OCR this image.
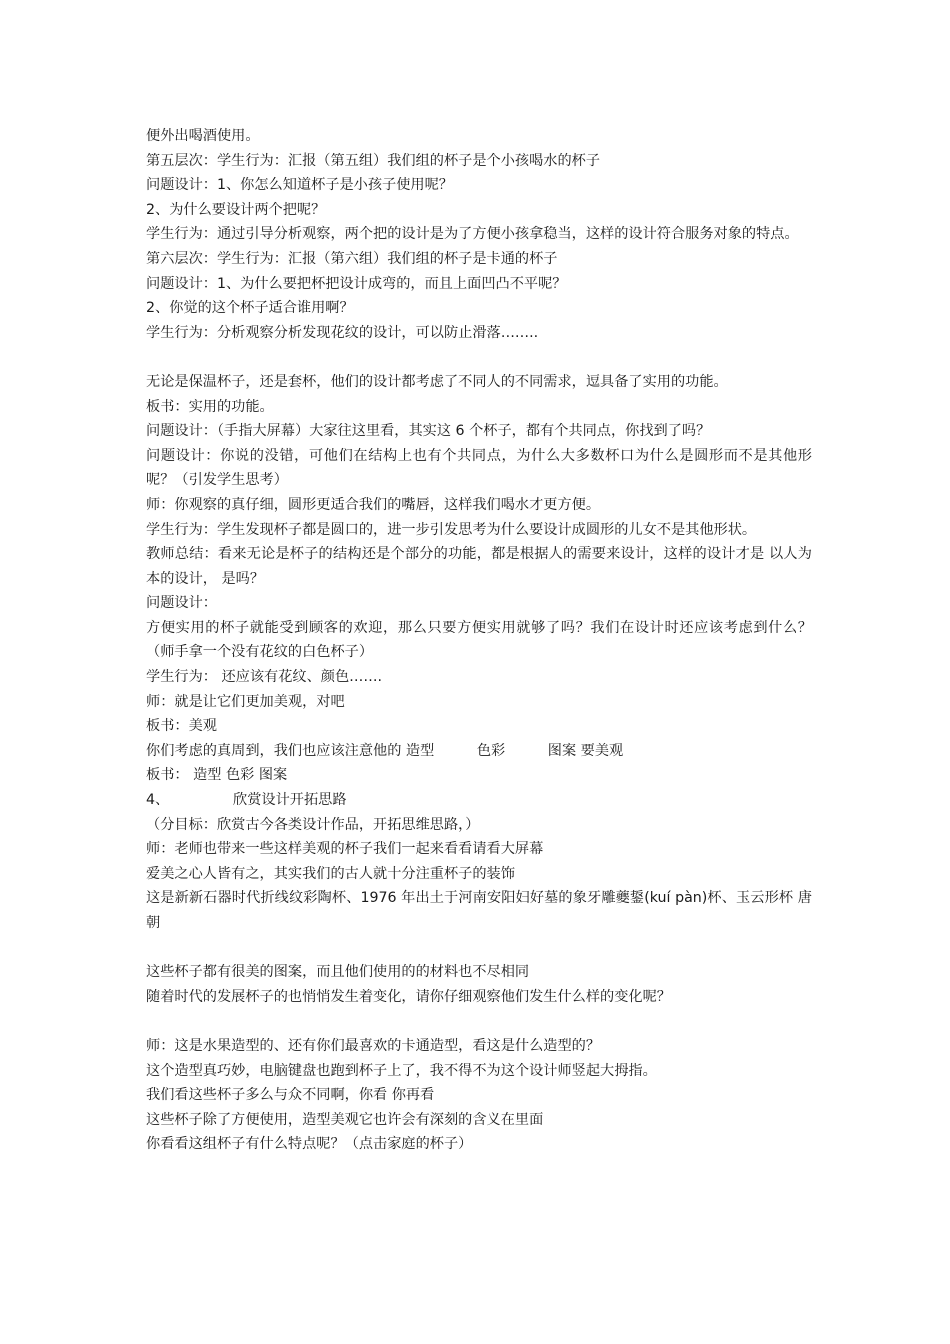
便外出喝酒使用。
第五层次：学生行为：汇报（第五组）我们组的杯子是个小孩喝水的杯子
问题设计：1、你怎么知道杯子是小孩子使用呢？
2、为什么要设计两个把呢？
学生行为：通过引导分析观察，两个把的设计是为了方便小孩拿稳当，这样的设计符合服务对象的特点。
第六层次：学生行为：汇报（第六组）我们组的杯子是卡通的杯子
问题设计：1、为什么要把杯把设计成弯的，而且上面凹凸不平呢？
2、你觉的这个杯子适合谁用啊？
学生行为：分析观察分析发现花纹的设计，可以防止滑落……..
无论是保温杯子，还是套杯，他们的设计都考虑了不同人的不同需求，逗具备了实用的功能。
板书：实用的功能。
问题设计：（手指大屏幕）大家往这里看，其实这 6 个杯子，都有个共同点，你找到了吗？
问题设计：你说的没错，可他们在结构上也有个共同点，为什么大多数杯口为什么是圆形而不是其他形呢？（引发学生思考）
师：你观察的真仔细，圆形更适合我们的嘴唇，这样我们喝水才更方便。
学生行为：学生发现杯子都是圆口的，进一步引发思考为什么要设计成圆形的儿女不是其他形状。
教师总结：看来无论是杯子的结构还是个部分的功能，都是根据人的需要来设计，这样的设计才是 以人为本的设计， 是吗？
问题设计：
方便实用的杯子就能受到顾客的欢迎，那么只要方便实用就够了吗？我们在设计时还应该考虑到什么？ （师手拿一个没有花纹的白色杯子）
学生行为： 还应该有花纹、颜色…….
师：就是让它们更加美观，对吧
板书：美观
你们考虑的真周到，我们也应该注意他的 造型　　　色彩　　　图案 要美观
板书： 造型 色彩 图案
4、　　　　　欣赏设计开拓思路
（分目标：欣赏古今各类设计作品，开拓思维思路，）
师：老师也带来一些这样美观的杯子我们一起来看看请看大屏幕
爱美之心人皆有之，其实我们的古人就十分注重杯子的装饰
这是新新石器时代折线纹彩陶杯、1976 年出土于河南安阳妇好墓的象牙雕夔鋬(kuí pàn)杯、玉云形杯 唐朝
这些杯子都有很美的图案，而且他们使用的的材料也不尽相同
随着时代的发展杯子的也悄悄发生着变化，请你仔细观察他们发生什么样的变化呢？
师：这是水果造型的、还有你们最喜欢的卡通造型，看这是什么造型的？
这个造型真巧妙，电脑键盘也跑到杯子上了，我不得不为这个设计师竖起大拇指。
我们看这些杯子多么与众不同啊，你看 你再看
这些杯子除了方便使用，造型美观它也许会有深刻的含义在里面
你看看这组杯子有什么特点呢？（点击家庭的杯子）
